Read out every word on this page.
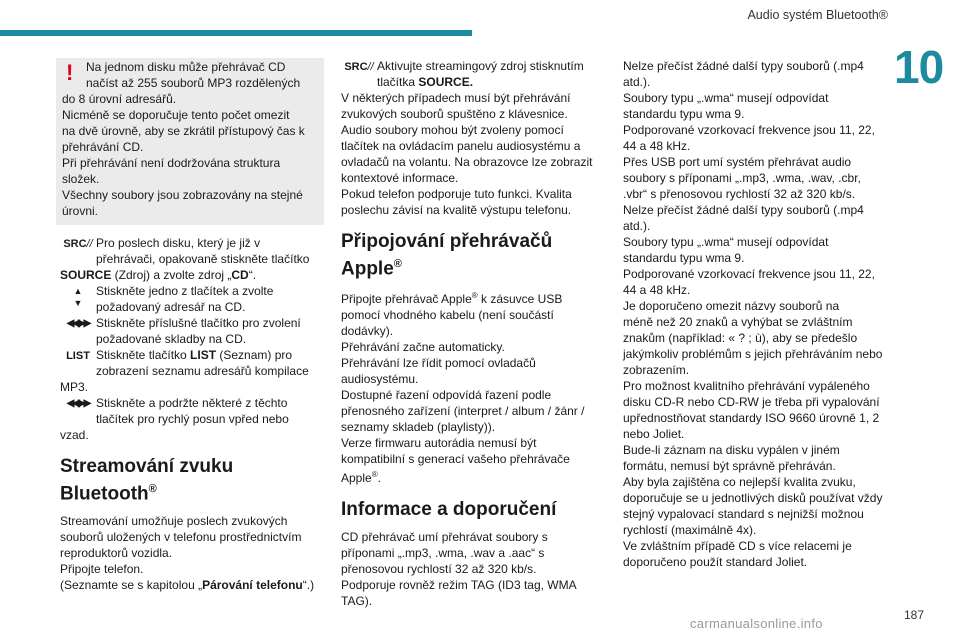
Audio systém Bluetooth®
10
!	Na jednom disku může přehrávač CD

načíst až 255 souborů MP3 rozdělených

do 8 úrovní adresářů.

Nicméně se doporučuje tento počet omezit

na dvě úrovně, aby se zkrátil přístupový čas k

přehrávání CD.

Při přehrávání není dodržována struktura

složek.

Všechny soubory jsou zobrazovány na stejné

úrovni.

SRC// Pro poslech disku, který je již v

přehrávači, opakovaně stiskněte tlačítko

SOURCE (Zdroj) a zvolte zdroj „CD“.

▲
▼

Stiskněte jedno z tlačítek a zvolte

požadovaný adresář na CD.

◀◀▶▶ Stiskněte příslušné tlačítko pro zvolení

požadované skladby na CD.

LIST Stiskněte tlačítko LIST (Seznam) pro

zobrazení seznamu adresářů kompilace

MP3.

◀◀▶▶ Stiskněte a podržte některé z těchto

tlačítek pro rychlý posun vpřed nebo

vzad.

Streamování zvuku Bluetooth®

Streamování umožňuje poslech zvukových

souborů uložených v telefonu prostřednictvím

reproduktorů vozidla.

Připojte telefon.

(Seznamte se s kapitolou „Párování telefonu“.)

SRC// Aktivujte streamingový zdroj stisknutím

tlačítka SOURCE.

V některých případech musí být přehrávání

zvukových souborů spuštěno z klávesnice.

Audio soubory mohou být zvoleny pomocí

tlačítek na ovládacím panelu audiosystému a

ovladačů na volantu. Na obrazovce lze zobrazit

kontextové informace.

Pokud telefon podporuje tuto funkci. Kvalita

poslechu závisí na kvalitě výstupu telefonu.

Připojování přehrávačů Apple®

Připojte přehrávač Apple® k zásuvce USB

pomocí vhodného kabelu (není součástí

dodávky).

Přehrávání začne automaticky.

Přehrávání lze řídit pomocí ovladačů

audiosystému.

Dostupné řazení odpovídá řazení podle

přenosného zařízení (interpret / album / žánr /

seznamy skladeb (playlisty)).

Verze firmwaru autorádia nemusí být

kompatibilní s generací vašeho přehrávače

Apple®.

Informace a doporučení

CD přehrávač umí přehrávat soubory s

příponami „.mp3, .wma, .wav a .aac“ s

přenosovou rychlostí 32 až 320 kb/s.

Podporuje rovněž režim TAG (ID3 tag, WMA

TAG).

Nelze přečíst žádné další typy souborů (.mp4

atd.).

Soubory typu „.wma“ musejí odpovídat

standardu typu wma 9.

Podporované vzorkovací frekvence jsou 11, 22,

44 a 48 kHz.

Přes USB port umí systém přehrávat audio

soubory s příponami „.mp3, .wma, .wav, .cbr,

.vbr“ s přenosovou rychlostí 32 až 320 kb/s.

Nelze přečíst žádné další typy souborů (.mp4

atd.).

Soubory typu „.wma“ musejí odpovídat

standardu typu wma 9.

Podporované vzorkovací frekvence jsou 11, 22,

44 a 48 kHz.

Je doporučeno omezit názvy souborů na

méně než 20 znaků a vyhýbat se zvláštním

znakům (například: « ? ; ù), aby se předešlo

jakýmkoliv problémům s jejich přehráváním nebo

zobrazením.

Pro možnost kvalitního přehrávání vypáleného

disku CD-R nebo CD-RW je třeba při vypalování

upřednostňovat standardy ISO 9660 úrovně 1, 2

nebo Joliet.

Bude-li záznam na disku vypálen v jiném

formátu, nemusí být správně přehráván.

Aby byla zajištěna co nejlepší kvalita zvuku,

doporučuje se u jednotlivých disků používat vždy

stejný vypalovací standard s nejnižší možnou

rychlostí (maximálně 4x).

Ve zvláštním případě CD s více relacemi je

doporučeno použít standard Joliet.

187
carmanualsonline.info
